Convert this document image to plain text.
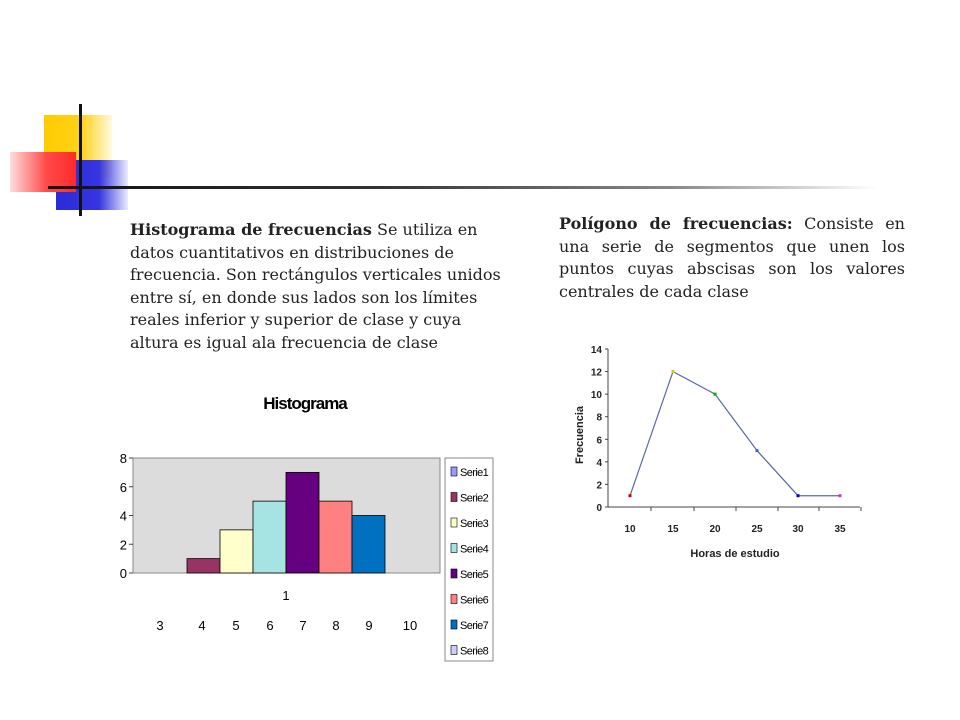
Histograma de frecuencias Se utiliza en datos cuantitativos en distribuciones de frecuencia. Son rectángulos verticales unidos entre sí, en donde sus lados son los límites reales inferior y superior de clase y cuya altura es igual ala frecuencia de clase

Polígono de frecuencias: Consiste en una serie de segmentos que unen los puntos cuyas abscisas son los valores centrales de cada clase

Histograma
0
2
4
6
8
1
3	4 5 6 7 8 9 10
Serie1
Serie2
Serie3
Serie4
Serie5
Serie6
Serie7
Serie8
Frecuencia
Horas de estudio
0
2
4
6
8
10
12
14
10	15	20	25	30	35
